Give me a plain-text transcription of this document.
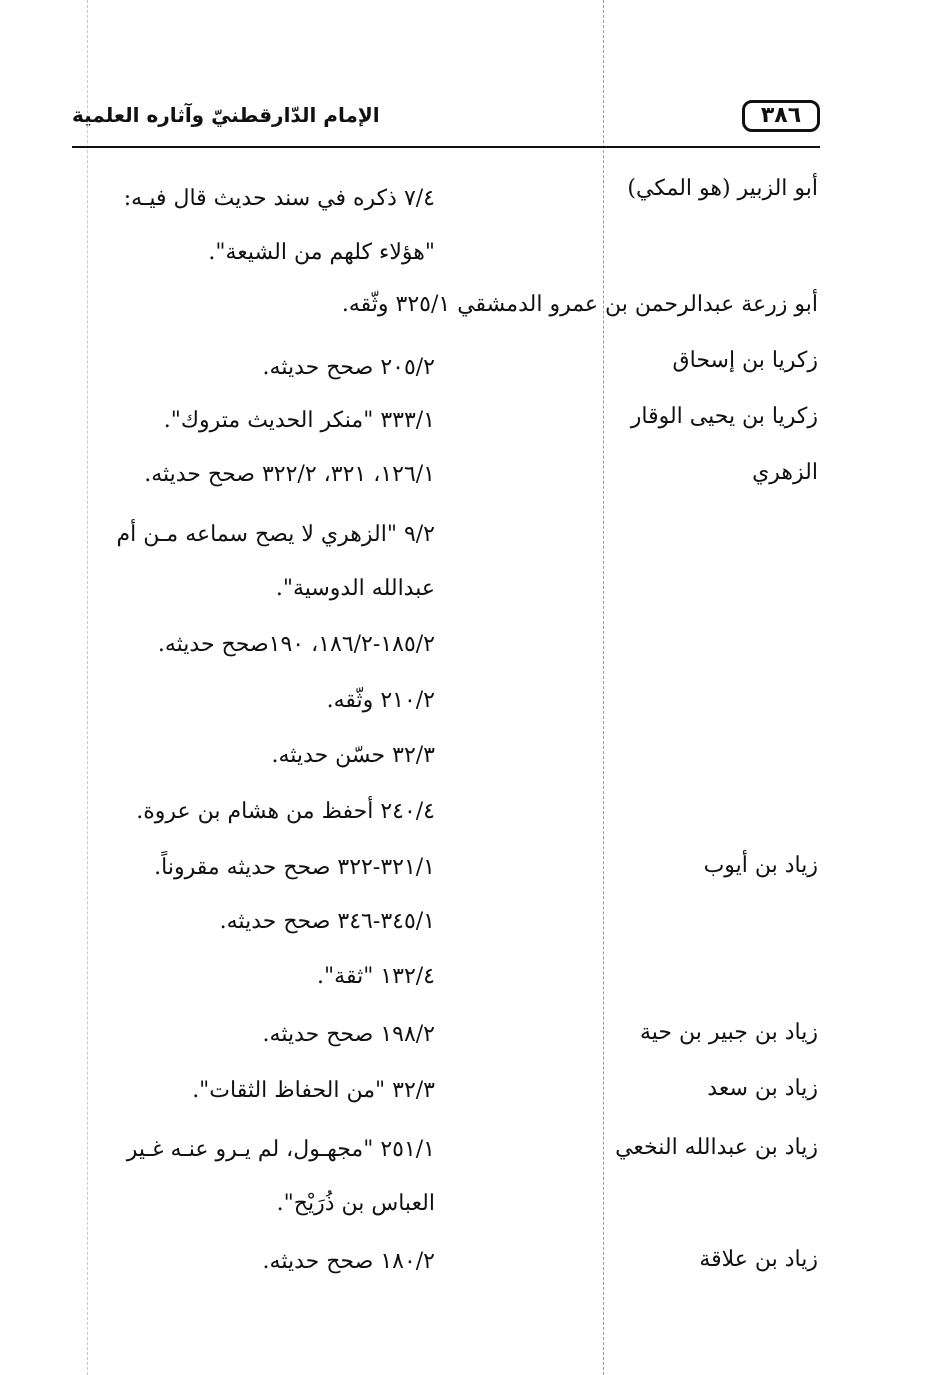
٣٨٦
الإمام الدّارقطنيّ وآثاره العلمية
أبو الزبير (هو المكي)
٧/٤ ذكره في سند حديث قال فيـه:
"هؤلاء كلهم من الشيعة".
أبو زرعة عبدالرحمن بن عمرو الدمشقي ٣٢٥/١ وثّقه.
زكريا بن إسحاق
٢٠٥/٢ صحح حديثه.
زكريا بن يحيى الوقار
٣٣٣/١ "منكر الحديث متروك".
الزهري
١٢٦/١، ٣٢١، ٣٢٢/٢ صحح حديثه.
٩/٢ "الزهري لا يصح سماعه مـن أم
عبدالله الدوسية".
١٨٥/٢-١٨٦/٢، ١٩٠صحح حديثه.
٢١٠/٢ وثّقه.
٣٢/٣ حسّن حديثه.
٢٤٠/٤ أحفظ من هشام بن عروة.
زياد بن أيوب
٣٢١/١-٣٢٢ صحح حديثه مقروناً.
٣٤٥/١-٣٤٦ صحح حديثه.
١٣٢/٤ "ثقة".
زياد بن جبير بن حية
١٩٨/٢ صحح حديثه.
زياد بن سعد
٣٢/٣ "من الحفاظ الثقات".
زياد بن عبدالله النخعي
٢٥١/١ "مجهـول، لم يـرو عنـه غـير
العباس بن ذُرَيْح".
زياد بن علاقة
١٨٠/٢ صحح حديثه.
